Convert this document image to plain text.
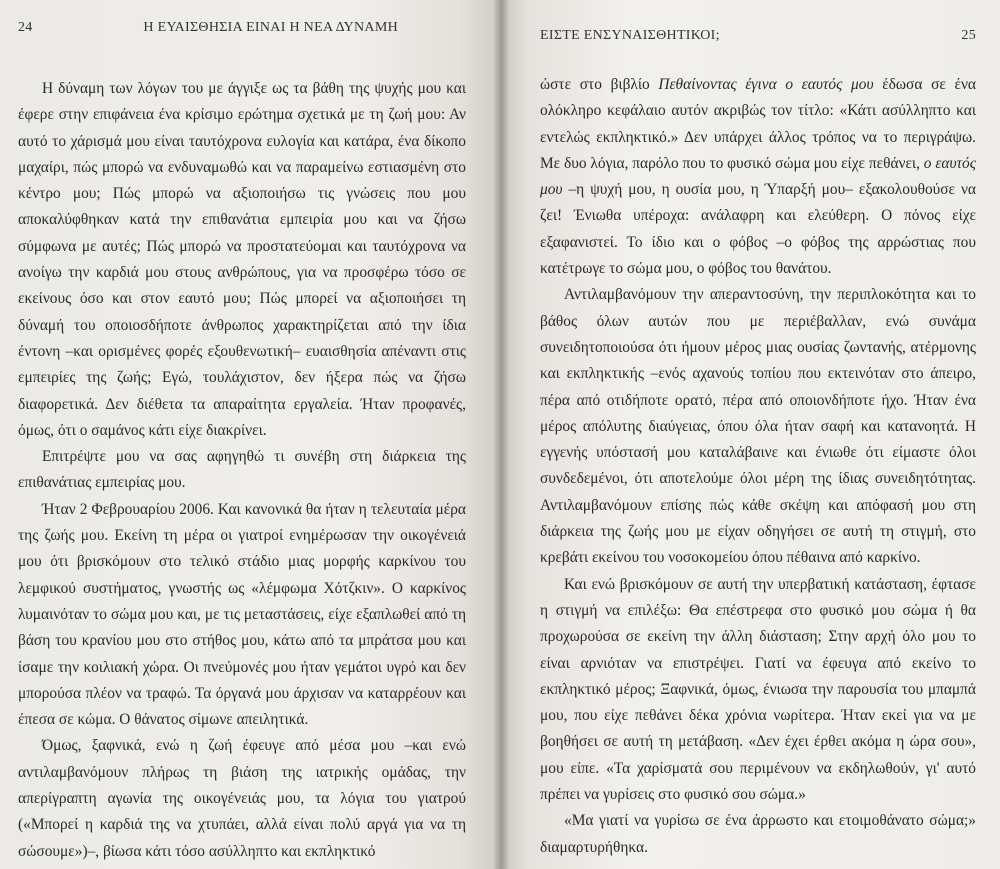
24	Η ΕΥΑΙΣΘΗΣΙΑ ΕΙΝΑΙ Η ΝΕΑ ΔΥΝΑΜΗ

Η δύναμη των λόγων του με άγγιξε ως τα βάθη της ψυχής μου και έφερε στην επιφάνεια ένα κρίσιμο ερώτημα σχετικά με τη ζωή μου: Αν αυτό το χάρισμά μου είναι ταυτόχρονα ευλογία και κατάρα, ένα δίκοπο μαχαίρι, πώς μπορώ να ενδυναμωθώ και να παραμείνω εστιασμένη στο κέντρο μου; Πώς μπορώ να αξιοποιήσω τις γνώσεις που μου αποκαλύφθηκαν κατά την επιθανάτια εμπειρία μου και να ζήσω σύμφωνα με αυτές; Πώς μπορώ να προστατεύομαι και ταυτόχρονα να ανοίγω την καρδιά μου στους ανθρώπους, για να προσφέρω τόσο σε εκείνους όσο και στον εαυτό μου; Πώς μπορεί να αξιοποιήσει τη δύναμή του οποιοσδήποτε άνθρωπος χαρακτηρίζεται από την ίδια έντονη –και ορισμένες φορές εξουθενωτική– ευαισθησία απέναντι στις εμπειρίες της ζωής; Εγώ, τουλάχιστον, δεν ήξερα πώς να ζήσω διαφορετικά. Δεν διέθετα τα απαραίτητα εργαλεία. Ήταν προφανές, όμως, ότι ο σαμάνος κάτι είχε διακρίνει.

Επιτρέψτε μου να σας αφηγηθώ τι συνέβη στη διάρκεια της επιθανάτιας εμπειρίας μου.

Ήταν 2 Φεβρουαρίου 2006. Και κανονικά θα ήταν η τελευταία μέρα της ζωής μου. Εκείνη τη μέρα οι γιατροί ενημέρωσαν την οικογένειά μου ότι βρισκόμουν στο τελικό στάδιο μιας μορφής καρκίνου του λεμφικού συστήματος, γνωστής ως «λέμφωμα Χότζκιν». Ο καρκίνος λυμαινόταν το σώμα μου και, με τις μεταστάσεις, είχε εξαπλωθεί από τη βάση του κρανίου μου στο στήθος μου, κάτω από τα μπράτσα μου και ίσαμε την κοιλιακή χώρα. Οι πνεύμονές μου ήταν γεμάτοι υγρό και δεν μπορούσα πλέον να τραφώ. Τα όργανά μου άρχισαν να καταρρέουν και έπεσα σε κώμα. Ο θάνατος σίμωνε απειλητικά.

Όμως, ξαφνικά, ενώ η ζωή έφευγε από μέσα μου –και ενώ αντιλαμβανόμουν πλήρως τη βιάση της ιατρικής ομάδας, την απερίγραπτη αγωνία της οικογένειάς μου, τα λόγια του γιατρού («Μπορεί η καρδιά της να χτυπάει, αλλά είναι πολύ αργά για να τη σώσουμε»)–, βίωσα κάτι τόσο ασύλληπτο και εκπληκτικό

ΕΙΣΤΕ ΕΝΣΥΝΑΙΣΘΗΤΙΚΟΙ;	25

ώστε στο βιβλίο Πεθαίνοντας έγινα ο εαυτός μου έδωσα σε ένα ολόκληρο κεφάλαιο αυτόν ακριβώς τον τίτλο: «Κάτι ασύλληπτο και εντελώς εκπληκτικό.» Δεν υπάρχει άλλος τρόπος να το περιγράψω. Με δυο λόγια, παρόλο που το φυσικό σώμα μου είχε πεθάνει, ο εαυτός μου –η ψυχή μου, η ουσία μου, η Ύπαρξή μου– εξακολουθούσε να ζει! Ένιωθα υπέροχα: ανάλαφρη και ελεύθερη. Ο πόνος είχε εξαφανιστεί. Το ίδιο και ο φόβος –ο φόβος της αρρώστιας που κατέτρωγε το σώμα μου, ο φόβος του θανάτου.

Αντιλαμβανόμουν την απεραντοσύνη, την περιπλοκότητα και το βάθος όλων αυτών που με περιέβαλλαν, ενώ συνάμα συνειδητοποιούσα ότι ήμουν μέρος μιας ουσίας ζωντανής, ατέρμονης και εκπληκτικής –ενός αχανούς τοπίου που εκτεινόταν στο άπειρο, πέρα από οτιδήποτε ορατό, πέρα από οποιονδήποτε ήχο. Ήταν ένα μέρος απόλυτης διαύγειας, όπου όλα ήταν σαφή και κατανοητά. Η εγγενής υπόστασή μου καταλάβαινε και ένιωθε ότι είμαστε όλοι συνδεδεμένοι, ότι αποτελούμε όλοι μέρη της ίδιας συνειδητότητας. Αντιλαμβανόμουν επίσης πώς κάθε σκέψη και απόφασή μου στη διάρκεια της ζωής μου με είχαν οδηγήσει σε αυτή τη στιγμή, στο κρεβάτι εκείνου του νοσοκομείου όπου πέθαινα από καρκίνο.

Και ενώ βρισκόμουν σε αυτή την υπερβατική κατάσταση, έφτασε η στιγμή να επιλέξω: Θα επέστρεφα στο φυσικό μου σώμα ή θα προχωρούσα σε εκείνη την άλλη διάσταση; Στην αρχή όλο μου το είναι αρνιόταν να επιστρέψει. Γιατί να έφευγα από εκείνο το εκπληκτικό μέρος; Ξαφνικά, όμως, ένιωσα την παρουσία του μπαμπά μου, που είχε πεθάνει δέκα χρόνια νωρίτερα. Ήταν εκεί για να με βοηθήσει σε αυτή τη μετάβαση. «Δεν έχει έρθει ακόμα η ώρα σου», μου είπε. «Τα χαρίσματά σου περιμένουν να εκδηλωθούν, γι' αυτό πρέπει να γυρίσεις στο φυσικό σου σώμα.»

«Μα γιατί να γυρίσω σε ένα άρρωστο και ετοιμοθάνατο σώμα;» διαμαρτυρήθηκα.
